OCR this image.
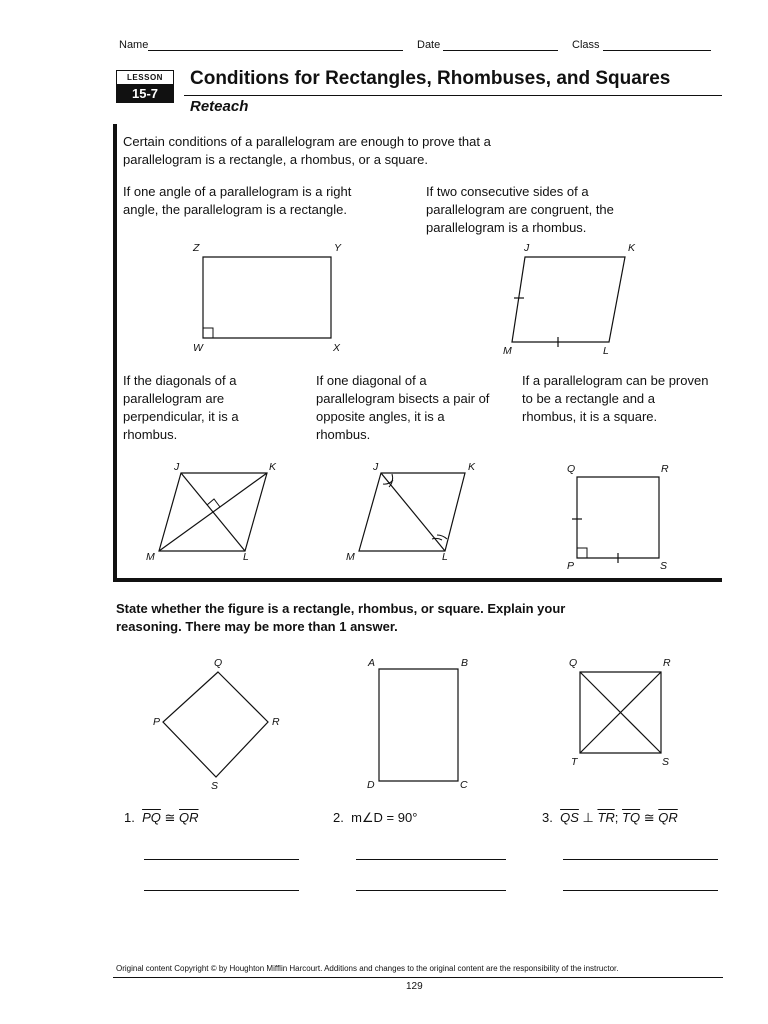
Name	Date	Class
LESSON
15-7
Conditions for Rectangles, Rhombuses, and Squares
Reteach
Certain conditions of a parallelogram are enough to prove that a parallelogram is a rectangle, a rhombus, or a square.
If one angle of a parallelogram is a right angle, the parallelogram is a rectangle.
If two consecutive sides of a parallelogram are congruent, the parallelogram is a rhombus.
If the diagonals of a parallelogram are perpendicular, it is a rhombus.
If one diagonal of a parallelogram bisects a pair of opposite angles, it is a rhombus.
If a parallelogram can be proven to be a rectangle and a rhombus, it is a square.
Z	Y
W	X
J	K
M	L
J	K
M	L
J	K
M	L
Q	R
P	S
State whether the figure is a rectangle, rhombus, or square. Explain your reasoning. There may be more than 1 answer.
Q
P	R
S
A	B
D	C
Q	R
T	S
1. $\overline{PQ}$ ≅ $\overline{QR}$	2. m∠D = 90°	3. $\overline{QS}$ ⊥ $\overline{TR}$; $\overline{TQ}$ ≅ $\overline{QR}$
Original content Copyright © by Houghton Mifflin Harcourt. Additions and changes to the original content are the responsibility of the instructor.
129
